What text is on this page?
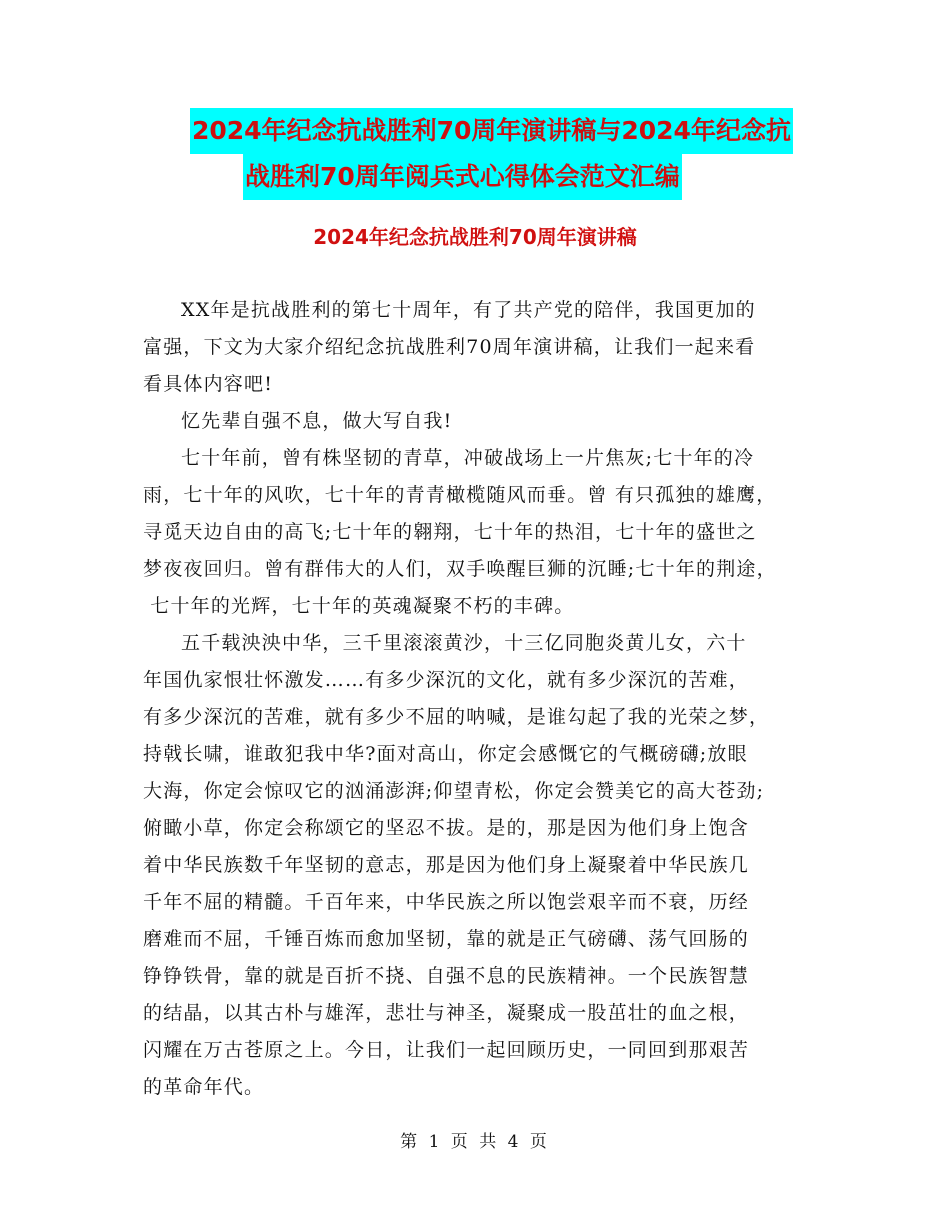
2024年纪念抗战胜利70周年演讲稿与2024年纪念抗
战胜利70周年阅兵式心得体会范文汇编
2024年纪念抗战胜利70周年演讲稿

XX年是抗战胜利的第七十周年，有了共产党的陪伴，我国更加的
富强，下文为大家介绍纪念抗战胜利70周年演讲稿，让我们一起来看
看具体内容吧!

忆先辈自强不息，做大写自我!

七十年前，曾有株坚韧的青草，冲破战场上一片焦灰;七十年的冷
雨，七十年的风吹，七十年的青青橄榄随风而垂。曾 有只孤独的雄鹰，
寻觅天边自由的高飞;七十年的翱翔，七十年的热泪，七十年的盛世之
梦夜夜回归。曾有群伟大的人们，双手唤醒巨狮的沉睡;七十年的荆途，
七十年的光辉，七十年的英魂凝聚不朽的丰碑。

五千载泱泱中华，三千里滚滚黄沙，十三亿同胞炎黄儿女，六十
年国仇家恨壮怀激发……有多少深沉的文化，就有多少深沉的苦难，
有多少深沉的苦难，就有多少不屈的呐喊，是谁勾起了我的光荣之梦，
持戟长啸，谁敢犯我中华?面对高山，你定会感慨它的气概磅礴;放眼
大海，你定会惊叹它的汹涌澎湃;仰望青松，你定会赞美它的高大苍劲;
俯瞰小草，你定会称颂它的坚忍不拔。是的，那是因为他们身上饱含
着中华民族数千年坚韧的意志，那是因为他们身上凝聚着中华民族几
千年不屈的精髓。千百年来，中华民族之所以饱尝艰辛而不衰，历经
磨难而不屈，千锤百炼而愈加坚韧，靠的就是正气磅礴、荡气回肠的
铮铮铁骨，靠的就是百折不挠、自强不息的民族精神。一个民族智慧
的结晶，以其古朴与雄浑，悲壮与神圣，凝聚成一股茁壮的血之根，
闪耀在万古苍原之上。今日，让我们一起回顾历史，一同回到那艰苦
的革命年代。

第 1 页 共 4 页
